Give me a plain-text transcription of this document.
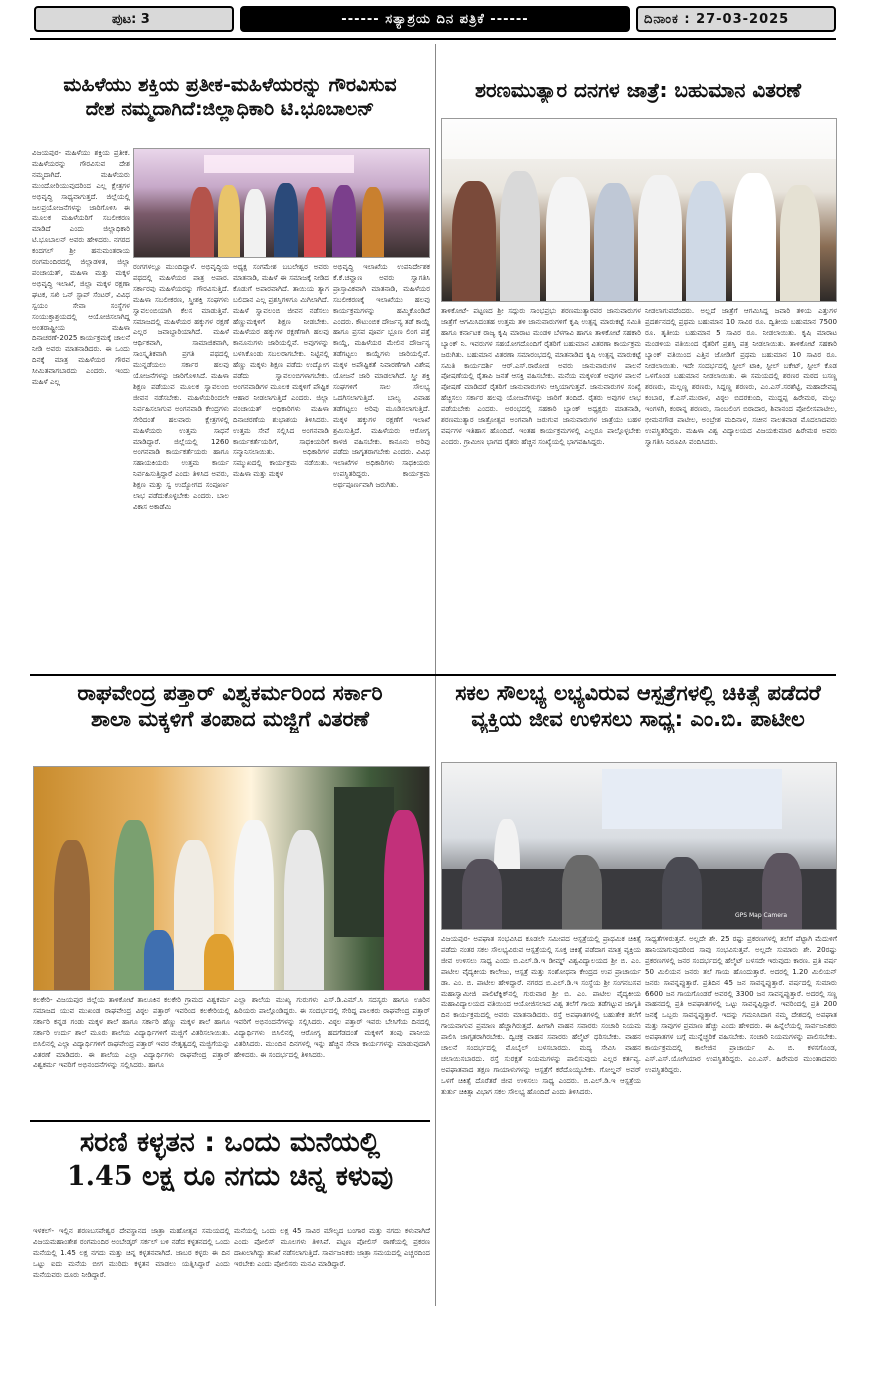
ಪುಟ: 3	------ ಸತ್ಯಾಶ್ರಯ ದಿನ ಪತ್ರಿಕೆ ------	ದಿನಾಂಕ : 27-03-2025
ಮಹಿಳೆಯು ಶಕ್ತಿಯ ಪ್ರತೀಕ-ಮಹಿಳೆಯರನ್ನು ಗೌರವಿಸುವ
ದೇಶ ನಮ್ಮದಾಗಿದೆ:ಜಿಲ್ಲಾಧಿಕಾರಿ ಟಿ.ಭೂಬಾಲನ್

ವಿಜಯಪುರ- ಮಹಿಳೆಯು ಶಕ್ತಿಯ ಪ್ರತೀಕ. ಮಹಿಳೆಯರನ್ನು ಗೌರವಿಸುವ ದೇಶ ನಮ್ಮದಾಗಿದೆ. ಮಹಿಳೆಯರು ಮುಂದೋರಿಯುವುದರಿಂದ ಎಲ್ಲ ಕ್ಷೇತ್ರಗಳ ಅಭಿವೃದ್ಧಿ ಸಾಧ್ಯವಾಗುತ್ತದೆ. ಜಿಲ್ಲೆಯಲ್ಲಿ ಜಲಪ್ರಯೋಜನೆಗಳನ್ನು ಜಾರಿಗೊಳಿಸಿ ಈ ಮೂಲಕ ಮಹಿಳೆಯರಿಗೆ ಸಬಲೀಕರಣ ಮಾಡಿದೆ ಎಂದು ಜಿಲ್ಲಾಧಿಕಾರಿ ಟಿ.ಭೂಬಾಲನ್ ಅವರು ಹೇಳಿದರು. ನಗರದ ಕಂದಗಲ್ ಶ್ರೀ ಹನುಮಂತರಾಯ ರಂಗಮಂದಿರದಲ್ಲಿ ಜಿಲ್ಲಾಡಳಿತ, ಜಿಲ್ಲಾ ಪಂಚಾಯತ್, ಮಹಿಳಾ ಮತ್ತು ಮಕ್ಕಳ ಅಭಿವೃದ್ಧಿ ಇಲಾಖೆ, ಜಿಲ್ಲಾ ಮಕ್ಕಳ ರಕ್ಷಣಾ ಘಟಕ, ಸಖಿ ಒನ್ ಸ್ಟಾಪ್ ಸೆಂಟರ್, ವಿವಿಧ ಸ್ವಯಂ ಸೇವಾ ಸಂಸ್ಥೆಗಳ ಸಂಯುಕ್ತಾಶ್ರಯದಲ್ಲಿ ಆಯೋಜಿಸಲಾಗಿದ್ದ ಅಂತರಾಷ್ಟ್ರೀಯ ಮಹಿಳಾ ದಿನಾಚರಣೆ-2025 ಕಾರ್ಯಕ್ರಮಕ್ಕೆ ಚಾಲನೆ ನೀಡಿ ಅವರು ಮಾತನಾಡಿದರು. ಈ ಒಂದು ದಿನಕ್ಕೆ ಮಾತ್ರ ಮಹಿಳೆಯರ ಗೌರವ ಸೀಮಿತವಾಗಬಾರದು ಎಂದರು. ಇಂದು ಮಹಿಳೆ ಎಲ್ಲ

ರಂಗಗಳಲ್ಲೂ ಮುಂದಿದ್ದಾಳೆ. ಅಭಿವೃದ್ಧಿಯ ಪಥದಲ್ಲಿ ಮಹಿಳೆಯರ ಪಾತ್ರ ಅಪಾರ. ಸರ್ಕಾರವು ಮಹಿಳೆಯರನ್ನು ಗೌರವಿಸುತ್ತಿದೆ. ಮಹಿಳಾ ಸಬಲೀಕರಣ, ಸ್ತ್ರೀಶಕ್ತಿ ಸಂಘಗಳು ಸ್ವಾವಲಂಬಿಯಾಗಿ ಕೆಲಸ ಮಾಡುತ್ತಿವೆ. ಸಮಾಜದಲ್ಲಿ ಮಹಿಳೆಯರ ಹಕ್ಕುಗಳ ರಕ್ಷಣೆ ಎಲ್ಲರ ಜವಾಬ್ದಾರಿಯಾಗಿದೆ. ಮಹಿಳೆ ಆರ್ಥಿಕವಾಗಿ, ಸಾಮಾಜಿಕವಾಗಿ, ಸಾಂಸ್ಕೃತಿಕವಾಗಿ ಪ್ರಗತಿ ಪಥದಲ್ಲಿ ಮುನ್ನಡೆಯಲು ಸರ್ಕಾರ ಹಲವು ಯೋಜನೆಗಳನ್ನು ಜಾರಿಗೊಳಿಸಿದೆ. ಮಹಿಳಾ ಶಿಕ್ಷಣ ಪಡೆಯುವ ಮೂಲಕ ಸ್ವಾವಲಂಬಿ ಜೀವನ ನಡೆಸಬೇಕು. ಮಹಿಳೆಯರಿಂದಲೇ ನಿರ್ವಹಿಸಲಾಗುವ ಅಂಗನವಾಡಿ ಕೇಂದ್ರಗಳು ಸೇರಿದಂತೆ ಹಲವಾರು ಕ್ಷೇತ್ರಗಳಲ್ಲಿ ಮಹಿಳೆಯರು ಉತ್ತಮ ಸಾಧನೆ ಮಾಡಿದ್ದಾರೆ. ಜಿಲ್ಲೆಯಲ್ಲಿ 1260 ಅಂಗನವಾಡಿ ಕಾರ್ಯಕರ್ತೆಯರು ಹಾಗೂ ಸಹಾಯಕಿಯರು ಉತ್ತಮ ಕಾರ್ಯ ನಿರ್ವಹಿಸುತ್ತಿದ್ದಾರೆ ಎಂದು ತಿಳಿಸಿದ ಅವರು, ಶಿಕ್ಷಣ ಮತ್ತು ಸ್ವ ಉದ್ಯೋಗದ ಸಂಪೂರ್ಣ ಲಾಭ ಪಡೆದುಕೊಳ್ಳಬೇಕು ಎಂದರು. ಬಾಲ ವಿಕಾಸ ಅಕಾಡೆಮಿ

ಅಧ್ಯಕ್ಷ ಸಂಗಮೇಶ ಬಬಲೇಶ್ವರ ಅವರು ಮಾತನಾಡಿ, ಮಹಿಳೆ ಈ ಸಮಾಜಕ್ಕೆ ನೀಡಿದ ಕೊಡುಗೆ ಅಪಾರವಾಗಿದೆ. ತಾಯಿಯ ತ್ಯಾಗ ಬಲಿದಾನ ಎಲ್ಲ ಪ್ರಶಸ್ತಿಗಳಿಗೂ ಮಿಗಿಲಾಗಿದೆ. ಮಹಿಳೆ ಸ್ವಾವಲಂಬಿ ಜೀವನ ನಡೆಸಲು ಹೆಣ್ಣುಮಕ್ಕಳಿಗೆ ಶಿಕ್ಷಣ ನೀಡಬೇಕು. ಮಹಿಳೆಯರ ಹಕ್ಕುಗಳ ರಕ್ಷಣೆಗಾಗಿ ಹಲವು ಕಾನೂನುಗಳು ಜಾರಿಯಲ್ಲಿವೆ. ಅವುಗಳನ್ನು ಬಳಸಿಕೊಂಡು ಸಬಲರಾಗಬೇಕು. ನಿಟ್ಟಿನಲ್ಲಿ ಹೆಣ್ಣು ಮಕ್ಕಳು ಶಿಕ್ಷಣ ಪಡೆದು ಉದ್ಯೋಗ ಪಡೆದು ಸ್ವಾವಲಂಬಿಗಳಾಗಬೇಕು. ಅಂಗನವಾಡಿಗಳ ಮೂಲಕ ಮಕ್ಕಳಿಗೆ ಪೌಷ್ಟಿಕ ಆಹಾರ ನೀಡಲಾಗುತ್ತಿದೆ ಎಂದರು. ಜಿಲ್ಲಾ ಪಂಚಾಯತ್ ಅಧಿಕಾರಿಗಳು ಮಹಿಳಾ ದಿನಾಚರಣೆಯ ಶುಭಾಶಯ ತಿಳಿಸಿದರು. ಉತ್ತಮ ಸೇವೆ ಸಲ್ಲಿಸಿದ ಅಂಗನವಾಡಿ ಕಾರ್ಯಕರ್ತೆಯರಿಗೆ, ಸಾಧಕಿಯರಿಗೆ ಸನ್ಮಾನಿಸಲಾಯಿತು. ಅಧಿಕಾರಿಗಳ ಸಮ್ಮುಖದಲ್ಲಿ ಕಾರ್ಯಕ್ರಮ ನಡೆಯಿತು. ಮಹಿಳಾ ಮತ್ತು ಮಕ್ಕಳ

ಅಭಿವೃದ್ಧಿ ಇಲಾಖೆಯ ಉಪನಿರ್ದೇಶಕ ಕೆ.ಕೆ.ಚವ್ಹಾಣ ಅವರು ಸ್ವಾಗತಿಸಿ ಪ್ರಾಸ್ತಾವಿಕವಾಗಿ ಮಾತನಾಡಿ, ಮಹಿಳೆಯರ ಸಬಲೀಕರಣಕ್ಕೆ ಇಲಾಖೆಯು ಹಲವು ಕಾರ್ಯಕ್ರಮಗಳನ್ನು ಹಮ್ಮಿಕೊಂಡಿದೆ ಎಂದರು. ಕೌಟುಂಬಿಕ ದೌರ್ಜನ್ಯ ತಡೆ ಕಾಯ್ದೆ ಹಾಗೂ ಪ್ರಸವ ಪೂರ್ವ ಭ್ರೂಣ ಲಿಂಗ ಪತ್ತೆ ಕಾಯ್ದೆ, ಮಹಿಳೆಯರ ಮೇಲಿನ ದೌರ್ಜನ್ಯ ತಡೆಗಟ್ಟಲು ಕಾಯ್ದೆಗಳು ಜಾರಿಯಲ್ಲಿವೆ. ಮಕ್ಕಳ ಅಪೌಷ್ಟಿಕತೆ ನಿವಾರಣೆಗಾಗಿ ವಿಶೇಷ ಯೋಜನೆ ಜಾರಿ ಮಾಡಲಾಗಿದೆ. ಸ್ತ್ರೀ ಶಕ್ತಿ ಸಂಘಗಳಿಗೆ ಸಾಲ ಸೌಲಭ್ಯ ಒದಗಿಸಲಾಗುತ್ತಿದೆ. ಬಾಲ್ಯ ವಿವಾಹ ತಡೆಗಟ್ಟಲು ಅರಿವು ಮೂಡಿಸಲಾಗುತ್ತಿದೆ. ಮಕ್ಕಳ ಹಕ್ಕುಗಳ ರಕ್ಷಣೆಗೆ ಇಲಾಖೆ ಶ್ರಮಿಸುತ್ತಿದೆ. ಮಹಿಳೆಯರು ಆರೋಗ್ಯ ಕಾಳಜಿ ವಹಿಸಬೇಕು. ಕಾನೂನು ಅರಿವು ಪಡೆದು ಜಾಗೃತರಾಗಬೇಕು ಎಂದರು. ವಿವಿಧ ಇಲಾಖೆಗಳ ಅಧಿಕಾರಿಗಳು ಸಾಧಕಿಯರು ಉಪಸ್ಥಿತರಿದ್ದರು. ಕಾರ್ಯಕ್ರಮ ಅರ್ಥಪೂರ್ಣವಾಗಿ ಜರುಗಿತು.

ಶರಣಮುತ್ಯಾರ ದನಗಳ ಜಾತ್ರೆ: ಬಹುಮಾನ ವಿತರಣೆ

ತಾಳಿಕೋಟೆ- ಪಟ್ಟಣದ ಶ್ರೀ ಸದ್ಗುರು ಸಾಂಭಪ್ರಭು ಶರಣಮುತ್ಯಾರವರ ಜಾನುವಾರುಗಳ ಜಾತ್ರೆಗೆ ಆಗಮಿಸಿದಂತಹ ಉತ್ತಮ ತಳಿ ಜಾನುವಾರುಗಳಿಗೆ ಕೃಷಿ ಉತ್ಪನ್ನ ಮಾರುಕಟ್ಟೆ ಸಮಿತಿ ಹಾಗೂ ಕರ್ನಾಟಕ ರಾಜ್ಯ ಕೃಷಿ ಮಾರಾಟ ಮಂಡಳಿ ಬೆಳಗಾವಿ ಹಾಗೂ ತಾಳಿಕೋಟೆ ಸಹಕಾರಿ ಬ್ಯಾಂಕ್ ನಿ. ಇವರುಗಳ ಸಹಯೋಗದೊಂದಿಗೆ ರೈತರಿಗೆ ಬಹುಮಾನ ವಿತರಣಾ ಕಾರ್ಯಕ್ರಮ ಜರುಗಿತು. ಬಹುಮಾನ ವಿತರಣಾ ಸಮಾರಂಭದಲ್ಲಿ ಮಾತನಾಡಿದ ಕೃಷಿ ಉತ್ಪನ್ನ ಮಾರುಕಟ್ಟೆ ಸಮಿತಿ ಕಾರ್ಯದರ್ಶಿ ಆರ್.ಎಸ್.ರಾಠೋಡ ಅವರು ಜಾನುವಾರುಗಳ ಪಾಲನೆ ಪೋಷಣೆಯಲ್ಲಿ ರೈತಾಪಿ ಜನತೆ ಆಸಕ್ತಿ ವಹಿಸಬೇಕು. ಮನೆಯ ಮಕ್ಕಳಂತೆ ಅವುಗಳ ಪಾಲನೆ ಪೋಷಣೆ ಮಾಡಿದರೆ ರೈತರಿಗೆ ಜಾನುವಾರುಗಳು ಆಸ್ತಿಯಾಗುತ್ತವೆ. ಜಾನುವಾರುಗಳ ಸಂಖ್ಯೆ ಹೆಚ್ಚಿಸಲು ಸರ್ಕಾರ ಹಲವು ಯೋಜನೆಗಳನ್ನು ಜಾರಿಗೆ ತಂದಿದೆ. ರೈತರು ಅವುಗಳ ಲಾಭ ಪಡೆಯಬೇಕು ಎಂದರು. ಅರಂಭದಲ್ಲಿ ಸಹಕಾರಿ ಬ್ಯಾಂಕ್ ಅಧ್ಯಕ್ಷರು ಮಾತನಾಡಿ, ಶರಣಮುತ್ಯಾರ ಜಾತ್ರೋತ್ಸವ ಅಂಗವಾಗಿ ಜರುಗುವ ಜಾನುವಾರುಗಳ ಜಾತ್ರೆಯು ಬಹಳ ವರ್ಷಗಳ ಇತಿಹಾಸ ಹೊಂದಿದೆ. ಇಂತಹ ಕಾರ್ಯಕ್ರಮಗಳಲ್ಲಿ ಎಲ್ಲರೂ ಪಾಲ್ಗೊಳ್ಳಬೇಕು ಎಂದರು. ಗ್ರಾಮೀಣ ಭಾಗದ ರೈತರು ಹೆಚ್ಚಿನ ಸಂಖ್ಯೆಯಲ್ಲಿ ಭಾಗವಹಿಸಿದ್ದರು.

ನೀಡಲಾಗುವದೆಂದರು. ಅಲ್ಲದೆ ಜಾತ್ರೆಗೆ ಆಗಮಿಸಿದ್ದ ಜವಾರಿ ತಳಿಯ ಎತ್ತುಗಳ ಪ್ರದರ್ಶನದಲ್ಲಿ ಪ್ರಥಮ ಬಹುಮಾನ 10 ಸಾವಿರ ರೂ. ದ್ವಿತೀಯ ಬಹುಮಾನ 7500 ರೂ. ತೃತೀಯ ಬಹುಮಾನ 5 ಸಾವಿರ ರೂ. ನೀಡಲಾಯಿತು. ಕೃಷಿ ಮಾರಾಟ ಮಂಡಳಿಯ ವತಿಯಿಂದ ರೈತರಿಗೆ ಪ್ರಶಸ್ತಿ ಪತ್ರ ನೀಡಲಾಯಿತು. ತಾಳಿಕೋಟೆ ಸಹಕಾರಿ ಬ್ಯಾಂಕ್ ವತಿಯಿಂದ ಎತ್ತಿನ ಜೋಡಿಗೆ ಪ್ರಥಮ ಬಹುಮಾನ 10 ಸಾವಿರ ರೂ. ನೀಡಲಾಯಿತು. ಇದೇ ಸಂದರ್ಭದಲ್ಲಿ ಸ್ಟೀಲ್ ಟಾಕಿ, ಸ್ಟೀಲ್ ಬಕೇಟ್, ಸ್ಟೀಲ್ ಕೊಡ ಒಳಗೊಂಡ ಬಹುಮಾನ ನೀಡಲಾಯಿತು. ಈ ಸಮಯದಲ್ಲಿ ಶರಣರ ಮಠದ ಬಸಣ್ಣ ಶರಣರು, ಮಲ್ಲಣ್ಣ ಶರಣರು, ಸಿದ್ದಣ್ಣ ಶರಣರು, ಎಂ.ಎಸ್.ಸರಶೆಟ್ಟಿ, ಮಹಾದೇವಪ್ಪ ಕಂಬಾರ, ಕೆ.ಎಸ್.ಮುರಾಳ, ವಿಠ್ಠಲ ಬಿದರಕುಂದಿ, ಮುದ್ದಪ್ಪ ಹಿರೇಮಠ, ಮಲ್ಲು ಇಂಗಳಗಿ, ಕಂಠಾನ್ನ ಶರಣರು, ಸಾಂಬಲಿಂಗ ಬಿರಾದಾರ, ಶಿವಾನಂದ ಪೋಲೀಸಪಾಟೀಲ, ಭೀಮನಗೌಡ ಪಾಟೀಲ, ಅಂಬ್ರೇಶ ಮದಿನಾಳ, ಸಚೀನ ನಾಲತವಾಡ ಮೊದಲಾದವರು ಉಪಸ್ಥಿತರಿದ್ದರು. ಮಹಿಳಾ ವಿಶ್ವ ವಿದ್ಯಾಲಯದ ವಿಜಯಕುಮಾರ ಹಿರೇಮಠ ಅವರು ಸ್ವಾಗತಿಸಿ ನಿರೂಪಿಸಿ ವಂದಿಸಿದರು.

ರಾಘವೇಂದ್ರ ಪತ್ತಾರ್ ವಿಶ್ವಕರ್ಮರಿಂದ ಸರ್ಕಾರಿ
ಶಾಲಾ ಮಕ್ಕಳಿಗೆ ತಂಪಾದ ಮಜ್ಜಿಗೆ ವಿತರಣೆ

ಕಲಕೇರಿ- ವಿಜಯಪುರ ಜಿಲ್ಲೆಯ ತಾಳಿಕೋಟೆ ತಾಲೂಕಿನ ಕಲಕೇರಿ ಗ್ರಾಮದ ವಿಶ್ವಕರ್ಮ ಸಮಾಜದ ಯುವ ಮುಖಂಡ ರಾಘವೇಂದ್ರ ವಿಠ್ಠಲ ಪತ್ತಾರ್ ಇವರಿಂದ ಕಲಕೇರಿಯಲ್ಲಿ ಸರ್ಕಾರಿ ಕನ್ನಡ ಗಂಡು ಮಕ್ಕಳ ಶಾಲೆ ಹಾಗೂ ಸರ್ಕಾರಿ ಹೆಣ್ಣು ಮಕ್ಕಳ ಶಾಲೆ ಹಾಗೂ ಸರ್ಕಾರಿ ಉರ್ದು ಶಾಲೆ ಮೂರು ಶಾಲೆಯ ವಿದ್ಯಾರ್ಥಿಗಳಿಗೆ ಮಜ್ಜಿಗೆ ವಿತರಿಸಲಾಯಿತು. ಬಿಸಿಲಿನಲ್ಲಿ ಎಲ್ಲಾ ವಿದ್ಯಾರ್ಥಿಗಳಿಗೆ ರಾಘವೇಂದ್ರ ಪತ್ತಾರ್ ಇವರ ನೇತೃತ್ವದಲ್ಲಿ ಮಜ್ಜಿಗೆಯನ್ನು ವಿತರಣೆ ಮಾಡಿದರು. ಈ ಶಾಲೆಯ ಎಲ್ಲಾ ವಿದ್ಯಾರ್ಥಿಗಳು ರಾಘವೇಂದ್ರ ಪತ್ತಾರ್ ವಿಶ್ವಕರ್ಮ ಇವರಿಗೆ ಅಭಿನಂದನೆಗಳನ್ನು ಸಲ್ಲಿಸಿದರು. ಹಾಗೂ

ಎಲ್ಲಾ ಶಾಲೆಯ ಮುಖ್ಯ ಗುರುಗಳು ಎಸ್.ಡಿ.ಎಮ್.ಸಿ ಸದಸ್ಯರು ಹಾಗೂ ಊರಿನ ಹಿರಿಯರು ಪಾಲ್ಗೊಂಡಿದ್ದರು. ಈ ಸಂದರ್ಭದಲ್ಲಿ ಸೇರಿದ್ದ ಪಾಲಕರು ರಾಘವೇಂದ್ರ ಪತ್ತಾರ್ ಇವರಿಗೆ ಅಭಿನಂದನೆಗಳನ್ನು ಸಲ್ಲಿಸಿದರು. ವಿಠ್ಠಲ ಪತ್ತಾರ್ ಇವರು ಬೇಸಿಗೆಯ ದಿನದಲ್ಲಿ ವಿದ್ಯಾರ್ಥಿಗಳು ಬಿಸಿಲಿನಲ್ಲಿ ಆರೋಗ್ಯ ಹದಗೆಡದಂತೆ ಮಕ್ಕಳಿಗೆ ತಂಪು ಪಾನೀಯ ವಿತರಿಸಿದರು. ಮುಂದಿನ ದಿನಗಳಲ್ಲಿ ಇನ್ನು ಹೆಚ್ಚಿನ ಸೇವಾ ಕಾರ್ಯಗಳನ್ನು ಮಾಡುವುದಾಗಿ ಹೇಳಿದರು. ಈ ಸಂದರ್ಭದಲ್ಲಿ ತಿಳಿಸಿದರು.

ಸರಣಿ ಕಳ್ಳತನ : ಒಂದು ಮನೆಯಲ್ಲಿ
1.45 ಲಕ್ಷ ರೂ ನಗದು ಚಿನ್ನ ಕಳುವು

ಇಳಕಲ್- ಇಲ್ಲಿನ ಶರಣಬಸವೇಶ್ವರ ದೇವಸ್ಥಾನದ ಜಾತ್ರಾ ಮಹೋತ್ಸವ ಸಮಯದಲ್ಲಿ ವಿಜಯಮಹಾಂತೇಶ ರಂಗಮಂದಿರ ಅಂಬೇಡ್ಕರ್ ಸರ್ಕಲ್ ಬಳಿ ನಡೆದ ಕಳ್ಳತನದಲ್ಲಿ ಒಂದು ಮನೆಯಲ್ಲಿ 1.45 ಲಕ್ಷ ನಗದು ಮತ್ತು ಚಿನ್ನ ಕಳ್ಳತನವಾಗಿದೆ. ಜಾಬರ ಕಳ್ಳರು ಈ ದಿನ ಒಟ್ಟು ಐದು ಮನೆಯ ಬೀಗ ಮುರಿದು ಕಳ್ಳತನ ಮಾಡಲು ಯತ್ನಿಸಿದ್ದಾರೆ ಎಂದು ಮನೆಯವರು ದೂರು ನೀಡಿದ್ದಾರೆ.

ಮನೆಯಲ್ಲಿ ಒಂದು ಲಕ್ಷ 45 ಸಾವಿರ ಮೌಲ್ಯದ ಬಂಗಾರ ಮತ್ತು ನಗದು ಕಳುವಾಗಿದೆ ಎಂದು ಪೋಲಿಸ್ ಮೂಲಗಳು ತಿಳಿಸಿವೆ. ಪಟ್ಟಣ ಪೋಲಿಸ್ ಠಾಣೆಯಲ್ಲಿ ಪ್ರಕರಣ ದಾಖಲಾಗಿದ್ದು ತನಿಖೆ ನಡೆಸಲಾಗುತ್ತಿದೆ. ಸಾರ್ವಜನಿಕರು ಜಾತ್ರಾ ಸಮಯದಲ್ಲಿ ಎಚ್ಚರದಿಂದ ಇರಬೇಕು ಎಂದು ಪೋಲಿಸರು ಮನವಿ ಮಾಡಿದ್ದಾರೆ.

ಸಕಲ ಸೌಲಭ್ಯ ಲಭ್ಯವಿರುವ ಆಸ್ಪತ್ರೆಗಳಲ್ಲಿ ಚಿಕಿತ್ಸೆ ಪಡೆದರೆ
ವ್ಯಕ್ತಿಯ ಜೀವ ಉಳಿಸಲು ಸಾಧ್ಯ: ಎಂ.ಬಿ. ಪಾಟೀಲ
GPS Map Camera

ವಿಜಯಪುರ- ಅಪಘಾತ ಸಂಭವಿಸಿದ ಕೂಡಲೇ ಸಮೀಪದ ಆಸ್ಪತ್ರೆಯಲ್ಲಿ ಪ್ರಾಥಮಿಕ ಚಿಕಿತ್ಸೆ ಪಡೆದು ನಂತರ ಸಕಲ ಸೌಲಭ್ಯವಿರುವ ಆಸ್ಪತ್ರೆಯಲ್ಲಿ ಸೂಕ್ತ ಚಿಕಿತ್ಸೆ ಪಡೆದಾಗ ಮಾತ್ರ ವ್ಯಕ್ತಿಯ ಜೀವ ಉಳಿಸಲು ಸಾಧ್ಯ ಎಂದು ಬಿ.ಎಲ್.ಡಿ.ಇ ಡೀಮ್ಡ್ ವಿಶ್ವವಿದ್ಯಾಲಯದ ಶ್ರೀ ಬಿ. ಎಂ. ಪಾಟೀಲ ವೈದ್ಯಕೀಯ ಕಾಲೇಜು, ಆಸ್ಪತ್ರೆ ಮತ್ತು ಸಂಶೋಧನಾ ಕೇಂದ್ರದ ಉಪ ಪ್ರಾಚಾರ್ಯ ಡಾ. ಎಂ. ಬಿ. ಪಾಟೀಲ ಹೇಳಿದ್ದಾರೆ. ನಗರದ ಬಿ.ಎಲ್.ಡಿ.ಇ ಸಂಸ್ಥೆಯ ಶ್ರೀ ಸಂಗನಬಸವ ಮಹಾಸ್ವಾಮೀಜಿ ಪಾಲಿಟೆಕ್ನಿಕ್‌ನಲ್ಲಿ ಗುರುವಾರ ಶ್ರೀ ಬಿ. ಎಂ. ಪಾಟೀಲ ವೈದ್ಯಕೀಯ ಮಹಾವಿದ್ಯಾಲಯದ ವತಿಯಿಂದ ಆಯೋಜಿಸಲಾದ ವಿಶ್ವ ತಲೆಗೆ ಗಾಯ ತಡೆಗಟ್ಟುವ ಜಾಗೃತಿ ದಿನ ಕಾರ್ಯಕ್ರಮದಲ್ಲಿ ಅವರು ಮಾತನಾಡಿದರು. ರಸ್ತೆ ಅಪಘಾತಗಳಲ್ಲಿ ಬಹುತೇಕ ತಲೆಗೆ ಗಾಯವಾಗುವ ಪ್ರಮಾಣ ಹೆಚ್ಚಾಗಿರುತ್ತದೆ. ಹೀಗಾಗಿ ವಾಹನ ಸವಾರರು ಸಂಚಾರಿ ನಿಯಮ ಪಾಲಿಸಿ ಜಾಗೃತರಾಗಿರಬೇಕು. ದ್ವಿಚಕ್ರ ವಾಹನ ಸವಾರರು ಹೆಲ್ಮೆಟ್ ಧರಿಸಬೇಕು. ವಾಹನ ಚಾಲನೆ ಸಂದರ್ಭದಲ್ಲಿ ಮೊಬೈಲ್ ಬಳಸಬಾರದು. ಮದ್ಯ ಸೇವಿಸಿ ವಾಹನ ಚಲಾಯಿಸಬಾರದು. ರಸ್ತೆ ಸುರಕ್ಷತೆ ನಿಯಮಗಳನ್ನು ಪಾಲಿಸುವುದು ಎಲ್ಲರ ಕರ್ತವ್ಯ. ಅಪಘಾತವಾದ ತಕ್ಷಣ ಗಾಯಾಳುಗಳನ್ನು ಆಸ್ಪತ್ರೆಗೆ ಕರೆದೊಯ್ಯಬೇಕು. ಗೋಲ್ಡನ್ ಅವರ್ ಒಳಗೆ ಚಿಕಿತ್ಸೆ ದೊರೆತರೆ ಜೀವ ಉಳಿಸಲು ಸಾಧ್ಯ ಎಂದರು. ಬಿ.ಎಲ್.ಡಿ.ಇ ಆಸ್ಪತ್ರೆಯ ತುರ್ತು ಚಿಕಿತ್ಸಾ ವಿಭಾಗ ಸಕಲ ಸೌಲಭ್ಯ ಹೊಂದಿದೆ ಎಂದು ತಿಳಿಸಿದರು.

ಸಾಧ್ಯತೆಗಳಿರುತ್ತವೆ. ಅಲ್ಲದೇ ಶೇ. 25 ರಷ್ಟು ಪ್ರಕರಣಗಳಲ್ಲಿ ತಲೆಗೆ ಪೆಟ್ಟಾಗಿ ಮೆದುಳಿಗೆ ಹಾನಿಯಾಗುವುದರಿಂದ ಸಾವು ಸಂಭವಿಸುತ್ತವೆ. ಅಲ್ಲದೇ ಸುಮಾರು ಶೇ. 20ರಷ್ಟು ಪ್ರಕರಣಗಳಲ್ಲಿ ಜನರ ಸಂದರ್ಭದಲ್ಲಿ ಹೆಲ್ಮೆಟ್ ಬಳಸದೇ ಇರುವುದು ಕಾರಣ. ಪ್ರತಿ ವರ್ಷ 50 ಮಿಲಿಯನ ಜನರು ತಲೆ ಗಾಯ ಹೊಂದುತ್ತಾರೆ. ಅದರಲ್ಲಿ 1.20 ಮಿಲಿಯನ್ ಜನರು ಸಾವನ್ನಪ್ಪುತ್ತಾರೆ. ಪ್ರತಿದಿನ 45 ಜನ ಸಾವನ್ನಪ್ಪುತ್ತಾರೆ. ವರ್ಷದಲ್ಲಿ ಸುಮಾರು 6600 ಜನ ಗಾಯಗೊಂಡರೆ ಅವರಲ್ಲಿ 3300 ಜನ ಸಾವನ್ನಪ್ಪುತ್ತಾರೆ. ಅದರಲ್ಲಿ ಸಣ್ಣ ವಾಹನದಲ್ಲಿ ಪ್ರತಿ ಅಪಘಾತಗಳಲ್ಲಿ ಒಟ್ಟು ಸಾವನ್ನಪ್ಪಿದ್ದಾರೆ. ಇವರಿಂದಲ್ಲಿ ಪ್ರತಿ 200 ಜನಕ್ಕೆ ಒಬ್ಬರು ಸಾವನ್ನಪ್ಪುತ್ತಾರೆ. ಇದನ್ನು ಗಮನಿಸಿದಾಗ ನಮ್ಮ ದೇಶದಲ್ಲಿ ಅಪಘಾತ ಮತ್ತು ಸಾವುಗಳ ಪ್ರಮಾಣ ಹೆಚ್ಚು ಎಂದು ಹೇಳಿದರು. ಈ ಹಿನ್ನೆಲೆಯಲ್ಲಿ ಸಾರ್ವಜನಿಕರು ಅಪಘಾತಗಳ ಬಗ್ಗೆ ಮುನ್ನೆಚ್ಚರಿಕೆ ವಹಿಸಬೇಕು. ಸಂಚಾರಿ ನಿಯಮಗಳನ್ನು ಪಾಲಿಸಬೇಕು. ಕಾರ್ಯಕ್ರಮದಲ್ಲಿ ಕಾಲೇಜಿನ ಪ್ರಾಚಾರ್ಯ ಪಿ. ಬಿ. ಕಳಸಗೊಂಡ, ಎಸ್.ಎಸ್.ಯೋಗಿಯಾರ ಉಪಸ್ಥಿತರಿದ್ದರು. ಎಂ.ಎಸ್. ಹಿರೇಮಠ ಮುಂತಾದವರು ಉಪಸ್ಥಿತರಿದ್ದರು.
